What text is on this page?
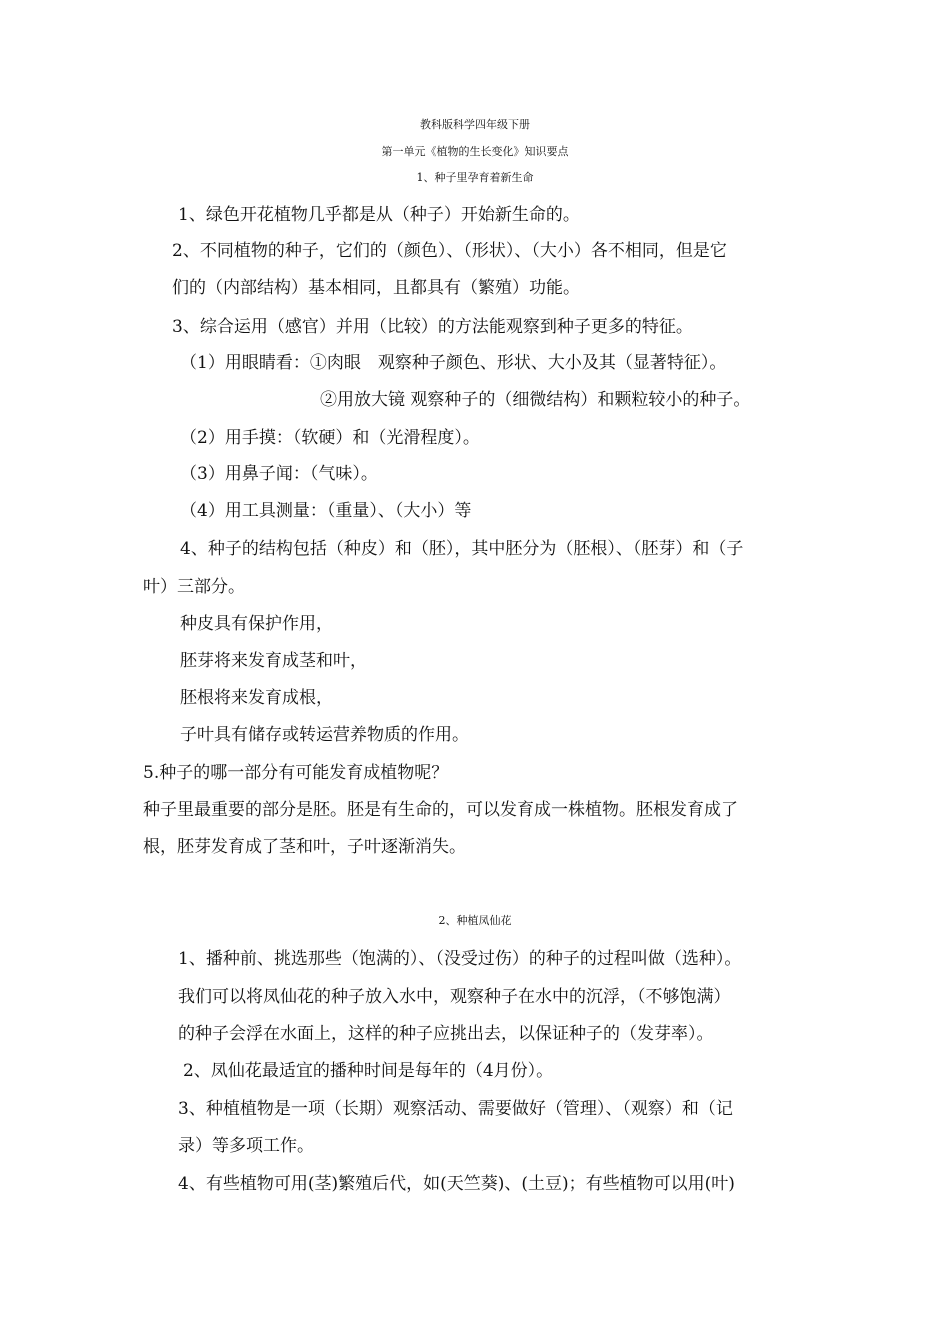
教科版科学四年级下册
第一单元《植物的生长变化》知识要点
1、种子里孕育着新生命
1、绿色开花植物几乎都是从（种子）开始新生命的。
2、不同植物的种子，它们的（颜色）、（形状）、（大小）各不相同，但是它
们的（内部结构）基本相同，且都具有（繁殖）功能。
3、综合运用（感官）并用（比较）的方法能观察到种子更多的特征。
（1）用眼睛看：①肉眼　观察种子颜色、形状、大小及其（显著特征）。
②用放大镜 观察种子的（细微结构）和颗粒较小的种子。
（2）用手摸：（软硬）和（光滑程度）。
（3）用鼻子闻：（气味）。
（4）用工具测量：（重量）、（大小）等
4、种子的结构包括（种皮）和（胚），其中胚分为（胚根）、（胚芽）和（子
叶）三部分。
种皮具有保护作用，
胚芽将来发育成茎和叶，
胚根将来发育成根，
子叶具有储存或转运营养物质的作用。
5.种子的哪一部分有可能发育成植物呢？
种子里最重要的部分是胚。胚是有生命的，可以发育成一株植物。胚根发育成了
根，胚芽发育成了茎和叶，子叶逐渐消失。
2、种植凤仙花
1、播种前、挑选那些（饱满的）、（没受过伤）的种子的过程叫做（选种）。
我们可以将凤仙花的种子放入水中，观察种子在水中的沉浮，（不够饱满）
的种子会浮在水面上，这样的种子应挑出去，以保证种子的（发芽率）。
2、凤仙花最适宜的播种时间是每年的（4月份）。
3、种植植物是一项（长期）观察活动、需要做好（管理）、（观察）和（记
录）等多项工作。
4、有些植物可用(茎)繁殖后代，如(天竺葵)、(土豆)；有些植物可以用(叶)
